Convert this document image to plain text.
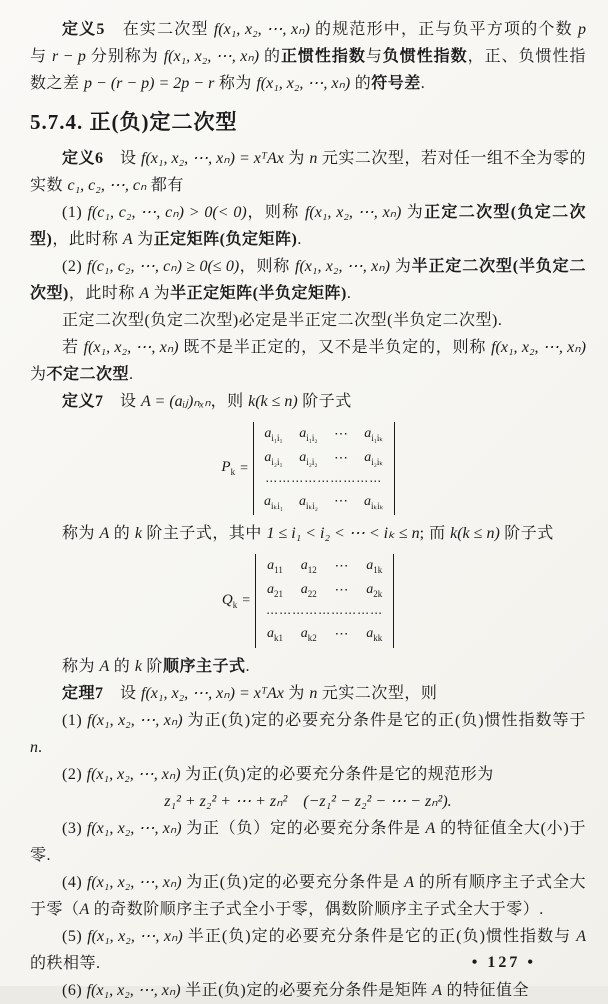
定义5　在实二次型 f(x₁, x₂, ⋯, xₙ) 的规范形中，正与负平方项的个数 p 与 r − p 分别称为 f(x₁, x₂, ⋯, xₙ) 的正惯性指数与负惯性指数，正、负惯性指数之差 p − (r − p) = 2p − r 称为 f(x₁, x₂, ⋯, xₙ) 的符号差.

5.7.4. 正(负)定二次型

定义6　设 f(x₁, x₂, ⋯, xₙ) = xᵀAx 为 n 元实二次型，若对任一组不全为零的实数 c₁, c₂, ⋯, cₙ 都有

(1) f(c₁, c₂, ⋯, cₙ) > 0(< 0)，则称 f(x₁, x₂, ⋯, xₙ) 为正定二次型(负定二次型)，此时称 A 为正定矩阵(负定矩阵).

(2) f(c₁, c₂, ⋯, cₙ) ≥ 0(≤ 0)，则称 f(x₁, x₂, ⋯, xₙ) 为半正定二次型(半负定二次型)，此时称 A 为半正定矩阵(半负定矩阵).

正定二次型(负定二次型)必定是半正定二次型(半负定二次型).

若 f(x₁, x₂, ⋯, xₙ) 既不是半正定的，又不是半负定的，则称 f(x₁, x₂, ⋯, xₙ) 为不定二次型.

定义7　设 A = (aᵢⱼ)ₙₓₙ，则 k(k ≤ n) 阶子式

$P_k$ =
$a_{i_1i_1}$ $a_{i_1i_2}$ ⋯ $a_{i_1i_k}$
$a_{i_2i_1}$ $a_{i_2i_2}$ ⋯ $a_{i_2i_k}$
⋯⋯⋯⋯⋯⋯⋯⋯⋯
$a_{i_ki_1}$ $a_{i_ki_2}$ ⋯ $a_{i_ki_k}$

称为 A 的 k 阶主子式，其中 1 ≤ i₁ < i₂ < ⋯ < iₖ ≤ n; 而 k(k ≤ n) 阶子式

$Q_k$ =
$a_{11}$ $a_{12}$ ⋯ $a_{1k}$
$a_{21}$ $a_{22}$ ⋯ $a_{2k}$
⋯⋯⋯⋯⋯⋯⋯⋯⋯
$a_{k1}$ $a_{k2}$ ⋯ $a_{kk}$

称为 A 的 k 阶顺序主子式.

定理7　设 f(x₁, x₂, ⋯, xₙ) = xᵀAx 为 n 元实二次型，则

(1) f(x₁, x₂, ⋯, xₙ) 为正(负)定的必要充分条件是它的正(负)惯性指数等于 n.

(2) f(x₁, x₂, ⋯, xₙ) 为正(负)定的必要充分条件是它的规范形为

z₁² + z₂² + ⋯ + zₙ²　(−z₁² − z₂² − ⋯ − zₙ²).

(3) f(x₁, x₂, ⋯, xₙ) 为正（负）定的必要充分条件是 A 的特征值全大(小)于零.

(4) f(x₁, x₂, ⋯, xₙ) 为正(负)定的必要充分条件是 A 的所有顺序主子式全大于零（A 的奇数阶顺序主子式全小于零，偶数阶顺序主子式全大于零）.

(5) f(x₁, x₂, ⋯, xₙ) 半正(负)定的必要充分条件是它的正(负)惯性指数与 A 的秩相等.

(6) f(x₁, x₂, ⋯, xₙ) 半正(负)定的必要充分条件是矩阵 A 的特征值全

• 127 •
